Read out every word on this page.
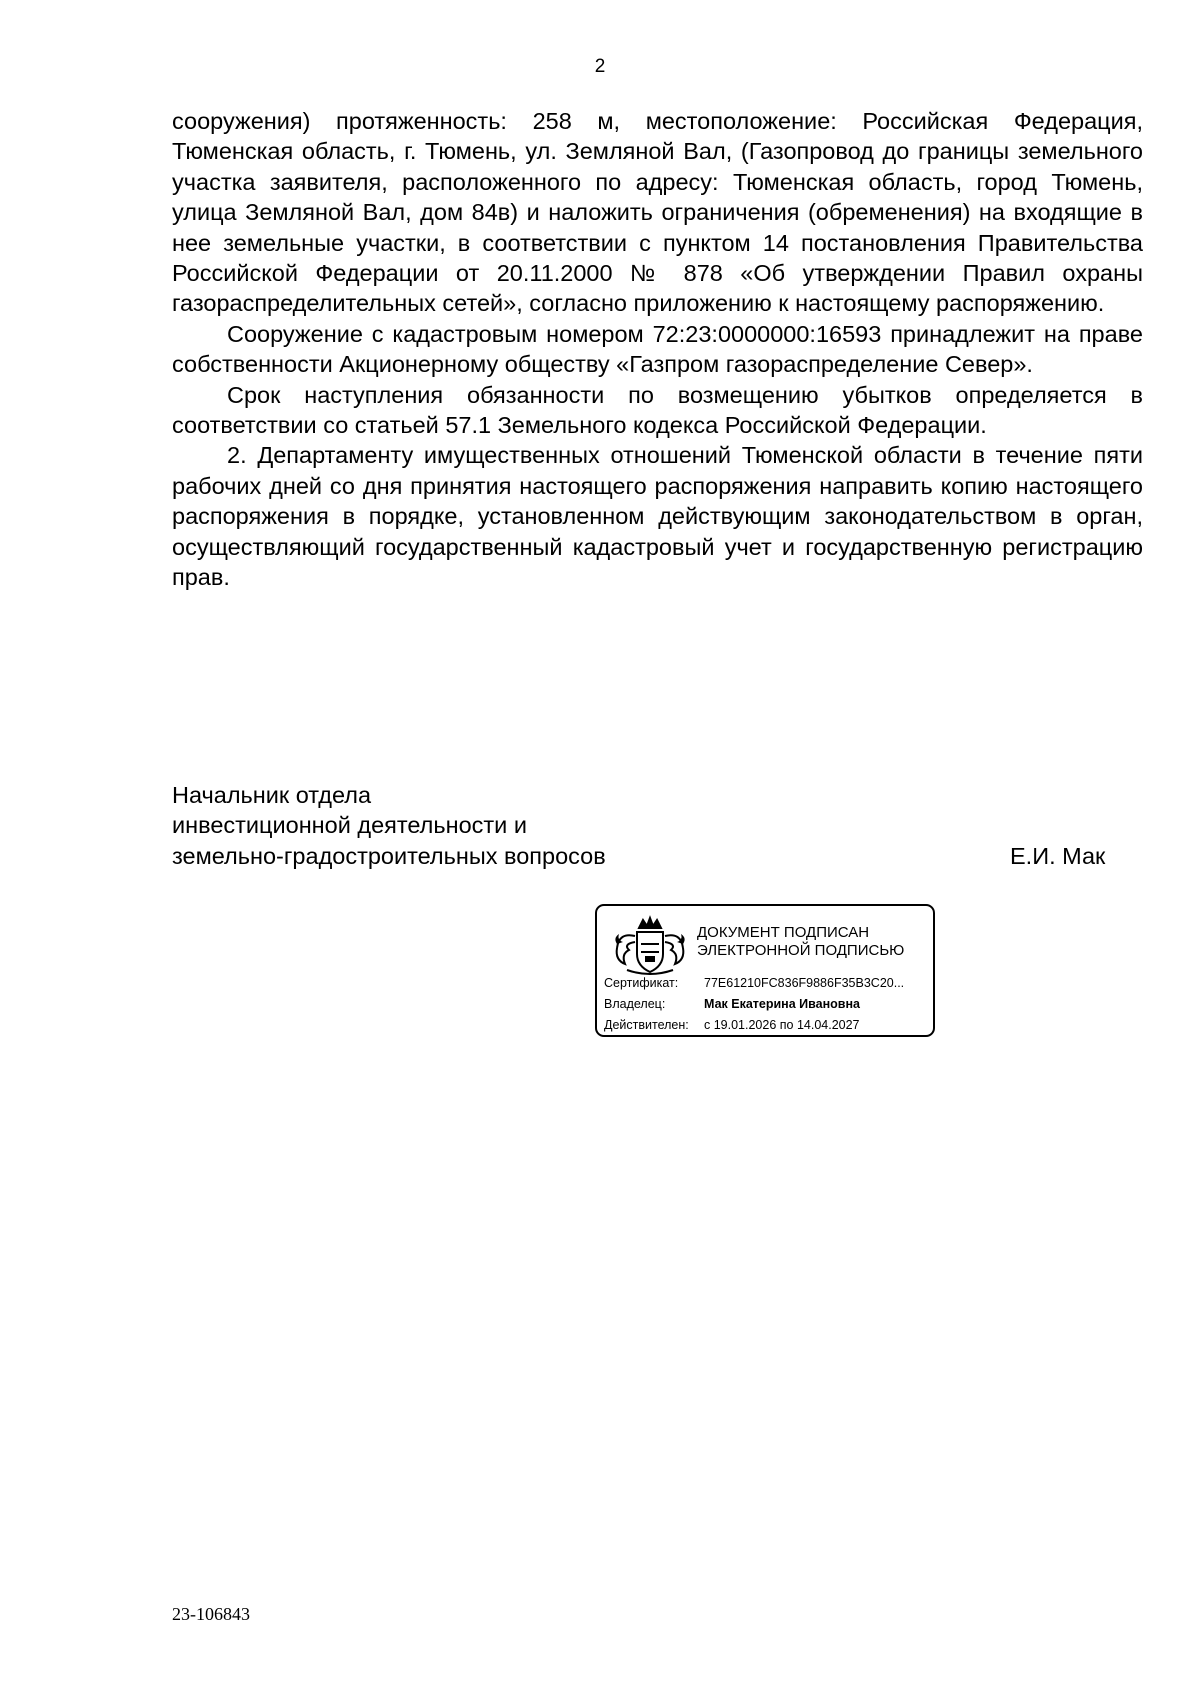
2

сооружения) протяженность: 258 м, местоположение: Российская Федерация, Тюменская область, г. Тюмень, ул. Земляной Вал, (Газопровод до границы земельного участка заявителя, расположенного по адресу: Тюменская область, город Тюмень, улица Земляной Вал, дом 84в) и наложить ограничения (обременения) на входящие в нее земельные участки, в соответствии с пунктом 14 постановления Правительства Российской Федерации от 20.11.2000 № 878 «Об утверждении Правил охраны газораспределительных сетей», согласно приложению к настоящему распоряжению.

Сооружение с кадастровым номером 72:23:0000000:16593 принадлежит на праве собственности Акционерному обществу «Газпром газораспределение Север».

Срок наступления обязанности по возмещению убытков определяется в соответствии со статьей 57.1 Земельного кодекса Российской Федерации.

2. Департаменту имущественных отношений Тюменской области в течение пяти рабочих дней со дня принятия настоящего распоряжения направить копию настоящего распоряжения в порядке, установленном действующим законодательством в орган, осуществляющий государственный кадастровый учет и государственную регистрацию прав.

Начальник отдела
инвестиционной деятельности и
земельно-градостроительных вопросов	Е.И. Мак
ДОКУМЕНТ ПОДПИСАН
ЭЛЕКТРОННОЙ ПОДПИСЬЮ
Сертификат: 77E61210FC836F9886F35B3C20...
Владелец:	Мак Екатерина Ивановна
Действителен: с 19.01.2026 по 14.04.2027
23-106843
